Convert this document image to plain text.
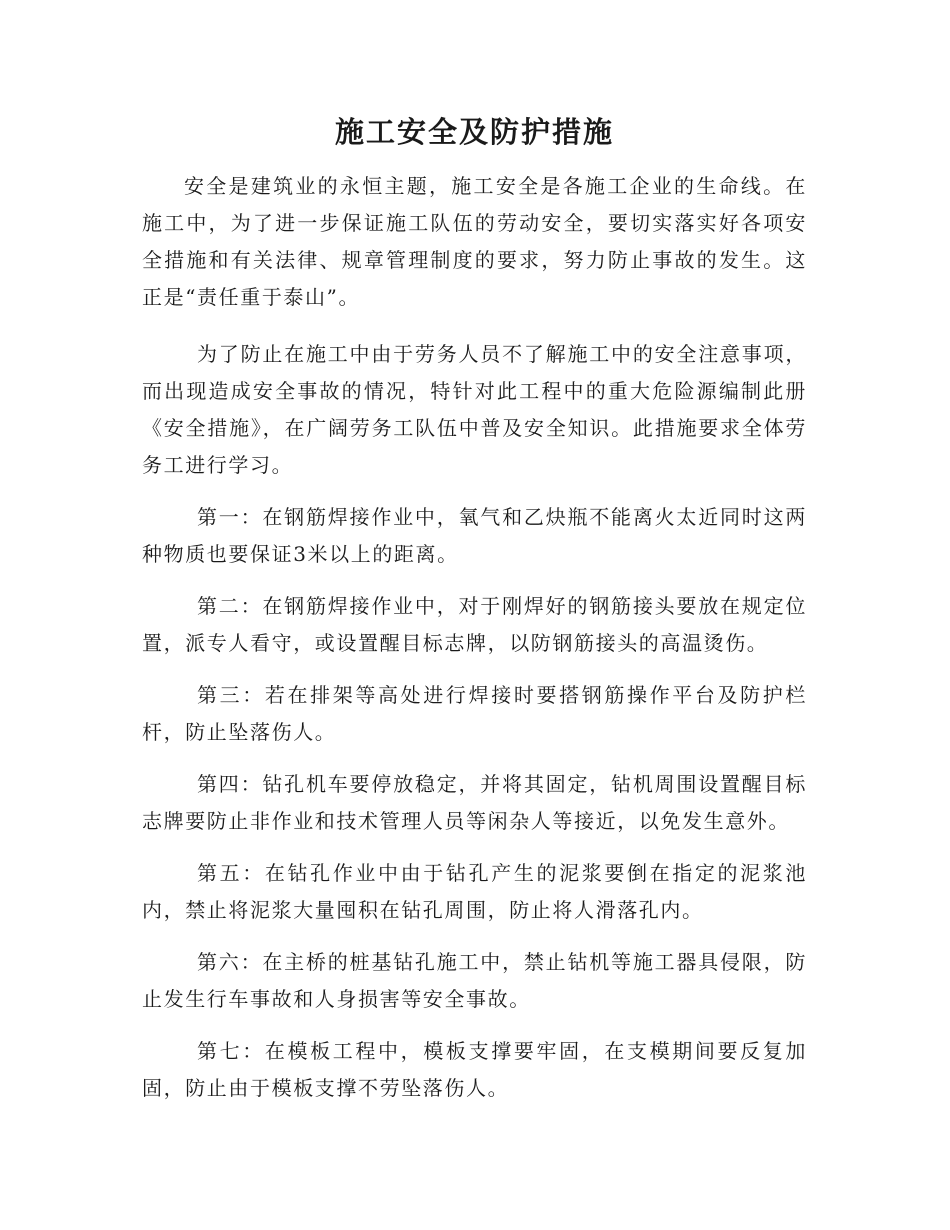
施工安全及防护措施

安全是建筑业的永恒主题，施工安全是各施工企业的生命线。在施工中，为了进一步保证施工队伍的劳动安全，要切实落实好各项安全措施和有关法律、规章管理制度的要求，努力防止事故的发生。这正是“责任重于泰山”。

为了防止在施工中由于劳务人员不了解施工中的安全注意事项，而出现造成安全事故的情况，特针对此工程中的重大危险源编制此册《安全措施》，在广阔劳务工队伍中普及安全知识。此措施要求全体劳务工进行学习。

第一：在钢筋焊接作业中，氧气和乙炔瓶不能离火太近同时这两种物质也要保证3米以上的距离。

第二：在钢筋焊接作业中，对于刚焊好的钢筋接头要放在规定位置，派专人看守，或设置醒目标志牌，以防钢筋接头的高温烫伤。

第三：若在排架等高处进行焊接时要搭钢筋操作平台及防护栏杆，防止坠落伤人。

第四：钻孔机车要停放稳定，并将其固定，钻机周围设置醒目标志牌要防止非作业和技术管理人员等闲杂人等接近，以免发生意外。

第五：在钻孔作业中由于钻孔产生的泥浆要倒在指定的泥浆池内，禁止将泥浆大量囤积在钻孔周围，防止将人滑落孔内。

第六：在主桥的桩基钻孔施工中，禁止钻机等施工器具侵限，防止发生行车事故和人身损害等安全事故。

第七：在模板工程中，模板支撑要牢固，在支模期间要反复加固，防止由于模板支撑不劳坠落伤人。
